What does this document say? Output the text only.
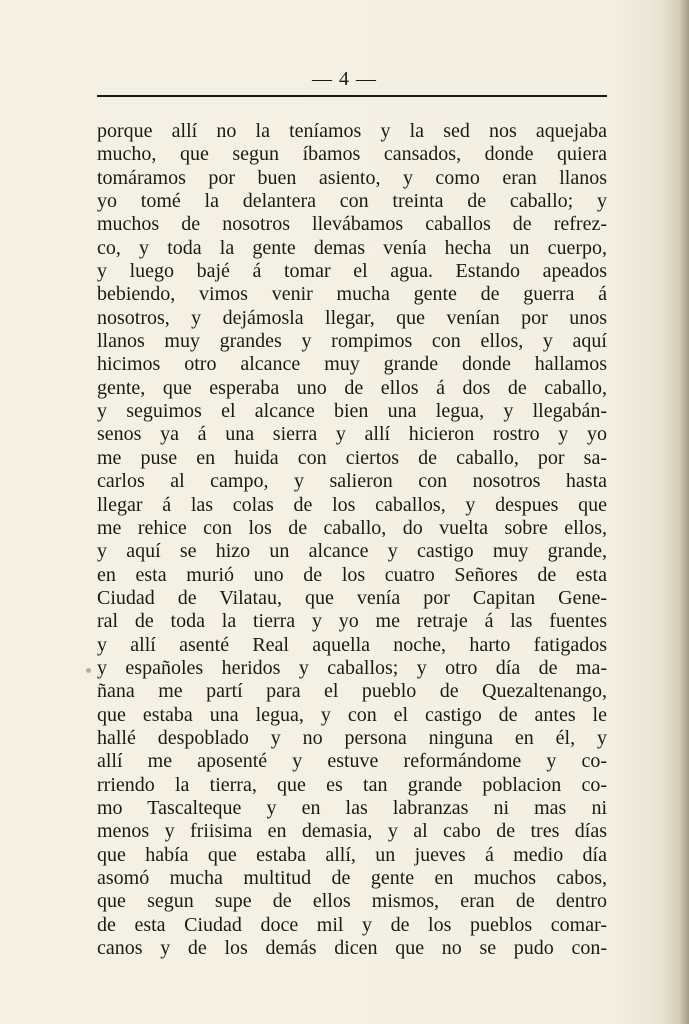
— 4 —
porque allí no la teníamos y la sed nos aquejaba
mucho, que segun íbamos cansados, donde quiera
tomáramos por buen asiento, y como eran llanos
yo tomé la delantera con treinta de caballo; y
muchos de nosotros llevábamos caballos de refrez-
co, y toda la gente demas venía hecha un cuerpo,
y luego bajé á tomar el agua. Estando apeados
bebiendo, vimos venir mucha gente de guerra á
nosotros, y dejámosla llegar, que venían por unos
llanos muy grandes y rompimos con ellos, y aquí
hicimos otro alcance muy grande donde hallamos
gente, que esperaba uno de ellos á dos de caballo,
y seguimos el alcance bien una legua, y llegabán-
senos ya á una sierra y allí hicieron rostro y yo
me puse en huida con ciertos de caballo, por sa-
carlos al campo, y salieron con nosotros hasta
llegar á las colas de los caballos, y despues que
me rehice con los de caballo, do vuelta sobre ellos,
y aquí se hizo un alcance y castigo muy grande,
en esta murió uno de los cuatro Señores de esta
Ciudad de Vilatau, que venía por Capitan Gene-
ral de toda la tierra y yo me retraje á las fuentes
y allí asenté Real aquella noche, harto fatigados
y españoles heridos y caballos; y otro día de ma-
ñana me partí para el pueblo de Quezaltenango,
que estaba una legua, y con el castigo de antes le
hallé despoblado y no persona ninguna en él, y
allí me aposenté y estuve reformándome y co-
rriendo la tierra, que es tan grande poblacion co-
mo Tascalteque y en las labranzas ni mas ni
menos y friisima en demasia, y al cabo de tres días
que había que estaba allí, un jueves á medio día
asomó mucha multitud de gente en muchos cabos,
que segun supe de ellos mismos, eran de dentro
de esta Ciudad doce mil y de los pueblos comar-
canos y de los demás dicen que no se pudo con-
